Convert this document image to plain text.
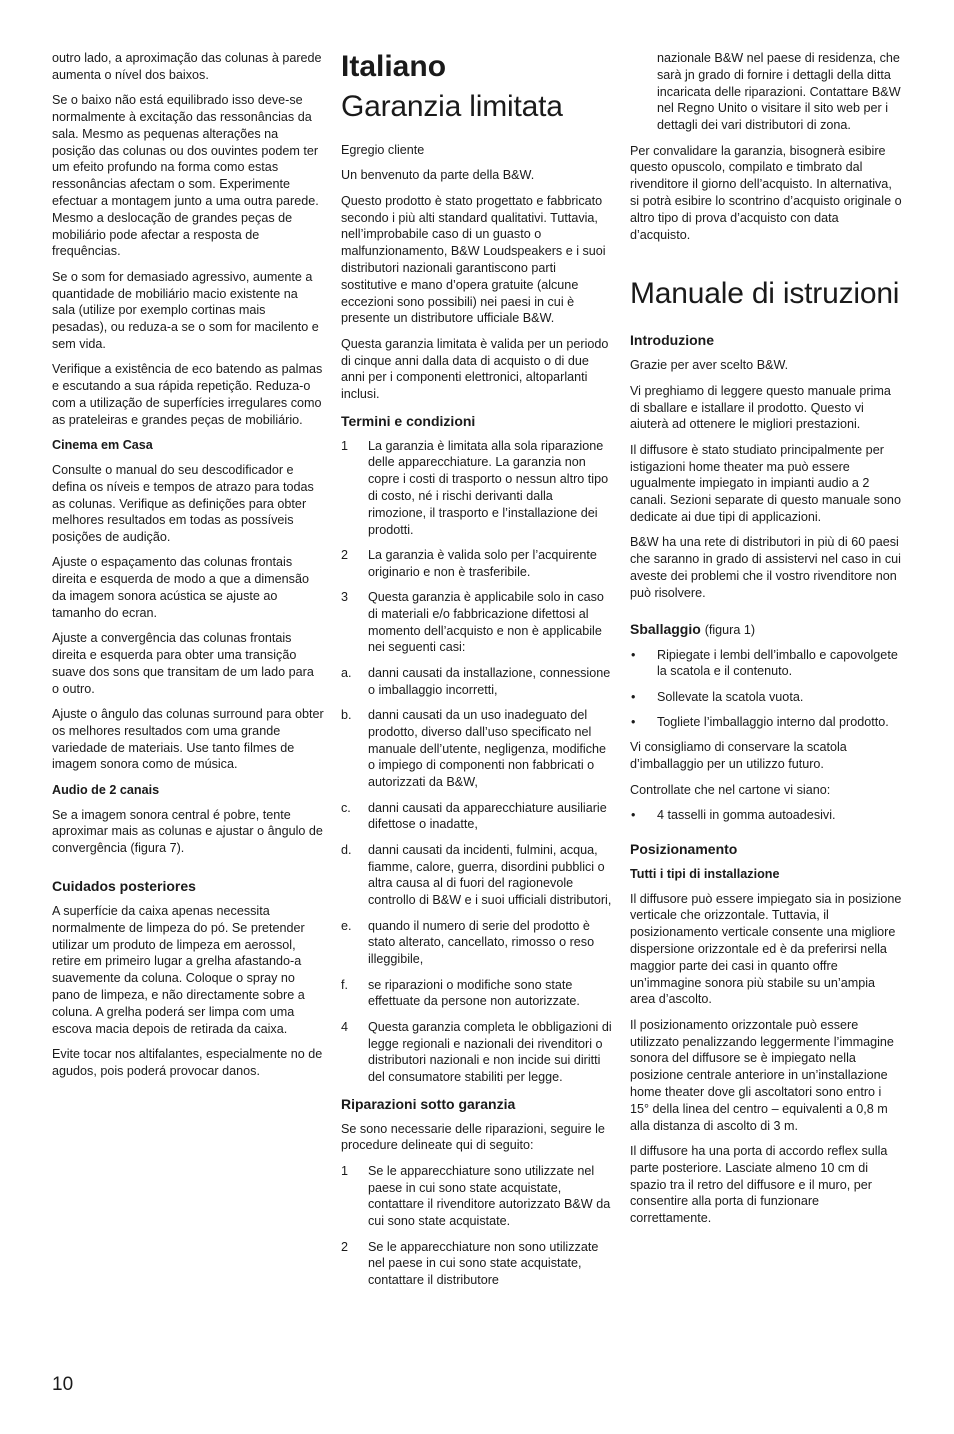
outro lado, a aproximação das colunas à parede aumenta o nível dos baixos.

Se o baixo não está equilibrado isso deve-se normalmente à excitação das ressonâncias da sala. Mesmo as pequenas alterações na posição das colunas ou dos ouvintes podem ter um efeito profundo na forma como estas ressonâncias afectam o som. Experimente efectuar a montagem junto a uma outra parede. Mesmo a deslocação de grandes peças de mobiliário pode afectar a resposta de frequências.

Se o som for demasiado agressivo, aumente a quantidade de mobiliário macio existente na sala (utilize por exemplo cortinas mais pesadas), ou reduza-a se o som for macilento e sem vida.

Verifique a existência de eco batendo as palmas e escutando a sua rápida repetição. Reduza-o com a utilização de superfícies irregulares como as prateleiras e grandes peças de mobiliário.

Cinema em Casa

Consulte o manual do seu descodificador e defina os níveis e tempos de atrazo para todas as colunas. Verifique as definições para obter melhores resultados em todas as possíveis posições de audição.

Ajuste o espaçamento das colunas frontais direita e esquerda de modo a que a dimensão da imagem sonora acústica se ajuste ao tamanho do ecran.

Ajuste a convergência das colunas frontais direita e esquerda para obter uma transição suave dos sons que transitam de um lado para o outro.

Ajuste o ângulo das colunas surround para obter os melhores resultados com uma grande variedade de materiais. Use tanto filmes de imagem sonora como de música.

Audio de 2 canais

Se a imagem sonora central é pobre, tente aproximar mais as colunas e ajustar o ângulo de convergência (figura 7).

Cuidados posteriores

A superfície da caixa apenas necessita normalmente de limpeza do pó. Se pretender utilizar um produto de limpeza em aerossol, retire em primeiro lugar a grelha afastando-a suavemente da coluna. Coloque o spray no pano de limpeza, e não directamente sobre a coluna. A grelha poderá ser limpa com uma escova macia depois de retirada da caixa.

Evite tocar nos altifalantes, especialmente no de agudos, pois poderá provocar danos.

Italiano
Garanzia limitata

Egregio cliente

Un benvenuto da parte della B&W.

Questo prodotto è stato progettato e fabbricato secondo i più alti standard qualitativi. Tuttavia, nell’improbabile caso di un guasto o malfunzionamento, B&W Loudspeakers e i suoi distributori nazionali garantiscono parti sostitutive e mano d’opera gratuite (alcune eccezioni sono possibili) nei paesi in cui è presente un distributore ufficiale B&W.

Questa garanzia limitata è valida per un periodo di cinque anni dalla data di acquisto o di due anni per i componenti elettronici, altoparlanti inclusi.

Termini e condizioni
1 La garanzia è limitata alla sola riparazione delle apparecchiature. La garanzia non copre i costi di trasporto o nessun altro tipo di costo, né i rischi derivanti dalla rimozione, il trasporto e l’installazione dei prodotti.
2 La garanzia è valida solo per l’acquirente originario e non è trasferibile.
3 Questa garanzia è applicabile solo in caso di materiali e/o fabbricazione difettosi al momento dell’acquisto e non è applicabile nei seguenti casi:
a. danni causati da installazione, connessione o imballaggio incorretti,
b. danni causati da un uso inadeguato del prodotto, diverso dall’uso specificato nel manuale dell’utente, negligenza, modifiche o impiego di componenti non fabbricati o autorizzati da B&W,
c. danni causati da apparecchiature ausiliarie difettose o inadatte,
d. danni causati da incidenti, fulmini, acqua, fiamme, calore, guerra, disordini pubblici o altra causa al di fuori del ragionevole controllo di B&W e i suoi ufficiali distributori,
e. quando il numero di serie del prodotto è stato alterato, cancellato, rimosso o reso illeggibile,
f. se riparazioni o modifiche sono state effettuate da persone non autorizzate.
4 Questa garanzia completa le obbligazioni di legge regionali e nazionali dei rivenditori o distributori nazionali e non incide sui diritti del consumatore stabiliti per legge.
Riparazioni sotto garanzia

Se sono necessarie delle riparazioni, seguire le procedure delineate qui di seguito:

1 Se le apparecchiature sono utilizzate nel paese in cui sono state acquistate, contattare il rivenditore autorizzato B&W da cui sono state acquistate.
2 Se le apparecchiature non sono utilizzate nel paese in cui sono state acquistate, contattare il distributore

nazionale B&W nel paese di residenza, che sarà jn grado di fornire i dettagli della ditta incaricata delle riparazioni. Contattare B&W nel Regno Unito o visitare il sito web per i dettagli dei vari distributori di zona.

Per convalidare la garanzia, bisognerà esibire questo opuscolo, compilato e timbrato dal rivenditore il giorno dell’acquisto. In alternativa, si potrà esibire lo scontrino d’acquisto originale o altro tipo di prova d’acquisto con data d’acquisto.

Manuale di istruzioni
Introduzione

Grazie per aver scelto B&W.

Vi preghiamo di leggere questo manuale prima di sballare e istallare il prodotto. Questo vi aiuterà ad ottenere le migliori prestazioni.

Il diffusore è stato studiato principalmente per istigazioni home theater ma può essere ugualmente impiegato in impianti audio a 2 canali. Sezioni separate di questo manuale sono dedicate ai due tipi di applicazioni.

B&W ha una rete di distributori in più di 60 paesi che saranno in grado di assistervi nel caso in cui aveste dei problemi che il vostro rivenditore non può risolvere.

Sballaggio (figura 1)
• Ripiegate i lembi dell’imballo e capovolgete la scatola e il contenuto.
• Sollevate la scatola vuota.
• Togliete l’imballaggio interno dal prodotto.

Vi consigliamo di conservare la scatola d’imballaggio per un utilizzo futuro.

Controllate che nel cartone vi siano:

• 4 tasselli in gomma autoadesivi.
Posizionamento
Tutti i tipi di installazione

Il diffusore può essere impiegato sia in posizione verticale che orizzontale. Tuttavia, il posizionamento verticale consente una migliore dispersione orizzontale ed è da preferirsi nella maggior parte dei casi in quanto offre un’immagine sonora più stabile su un’ampia area d’ascolto.

Il posizionamento orizzontale può essere utilizzato penalizzando leggermente l’immagine sonora del diffusore se è impiegato nella posizione centrale anteriore in un’installazione home theater dove gli ascoltatori sono entro i 15° della linea del centro – equivalenti a 0,8 m alla distanza di ascolto di 3 m.

Il diffusore ha una porta di accordo reflex sulla parte posteriore. Lasciate almeno 10 cm di spazio tra il retro del diffusore e il muro, per consentire alla porta di funzionare correttamente.

10
